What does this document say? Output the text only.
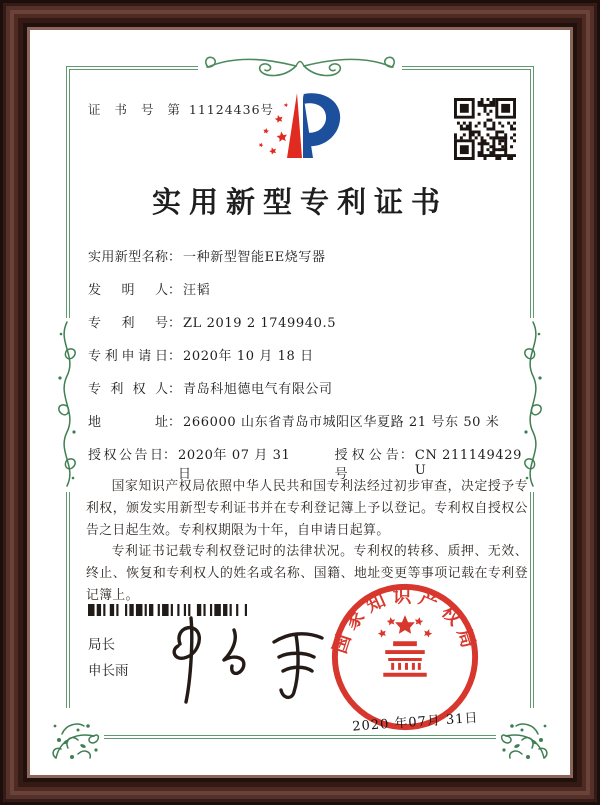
证 书 号 第 11124436号
实用新型专利证书
实用新型名称 ： 一种新型智能EE烧写器
发明人 ： 汪韬
专利号 ： ZL 2019 2 1749940.5
专利申请日 ： 2020年 10 月 18 日
专利权人 ： 青岛科旭德电气有限公司
地址 ： 266000 山东省青岛市城阳区华夏路 21 号东 50 米
授权公告日 ： 2020年 07 月 31 日
授权公告号
： CN 211149429 U

国家知识产权局依照中华人民共和国专利法经过初步审查，决定授予专利权，颁发实用新型专利证书并在专利登记簿上予以登记。专利权自授权公告之日起生效。专利权期限为十年，自申请日起算。

专利证书记载专利权登记时的法律状况。专利权的转移、质押、无效、终止、恢复和专利权人的姓名或名称、国籍、地址变更等事项记载在专利登记簿上。

局长
申长雨
国家知识产权局
2020 年07月 31日
